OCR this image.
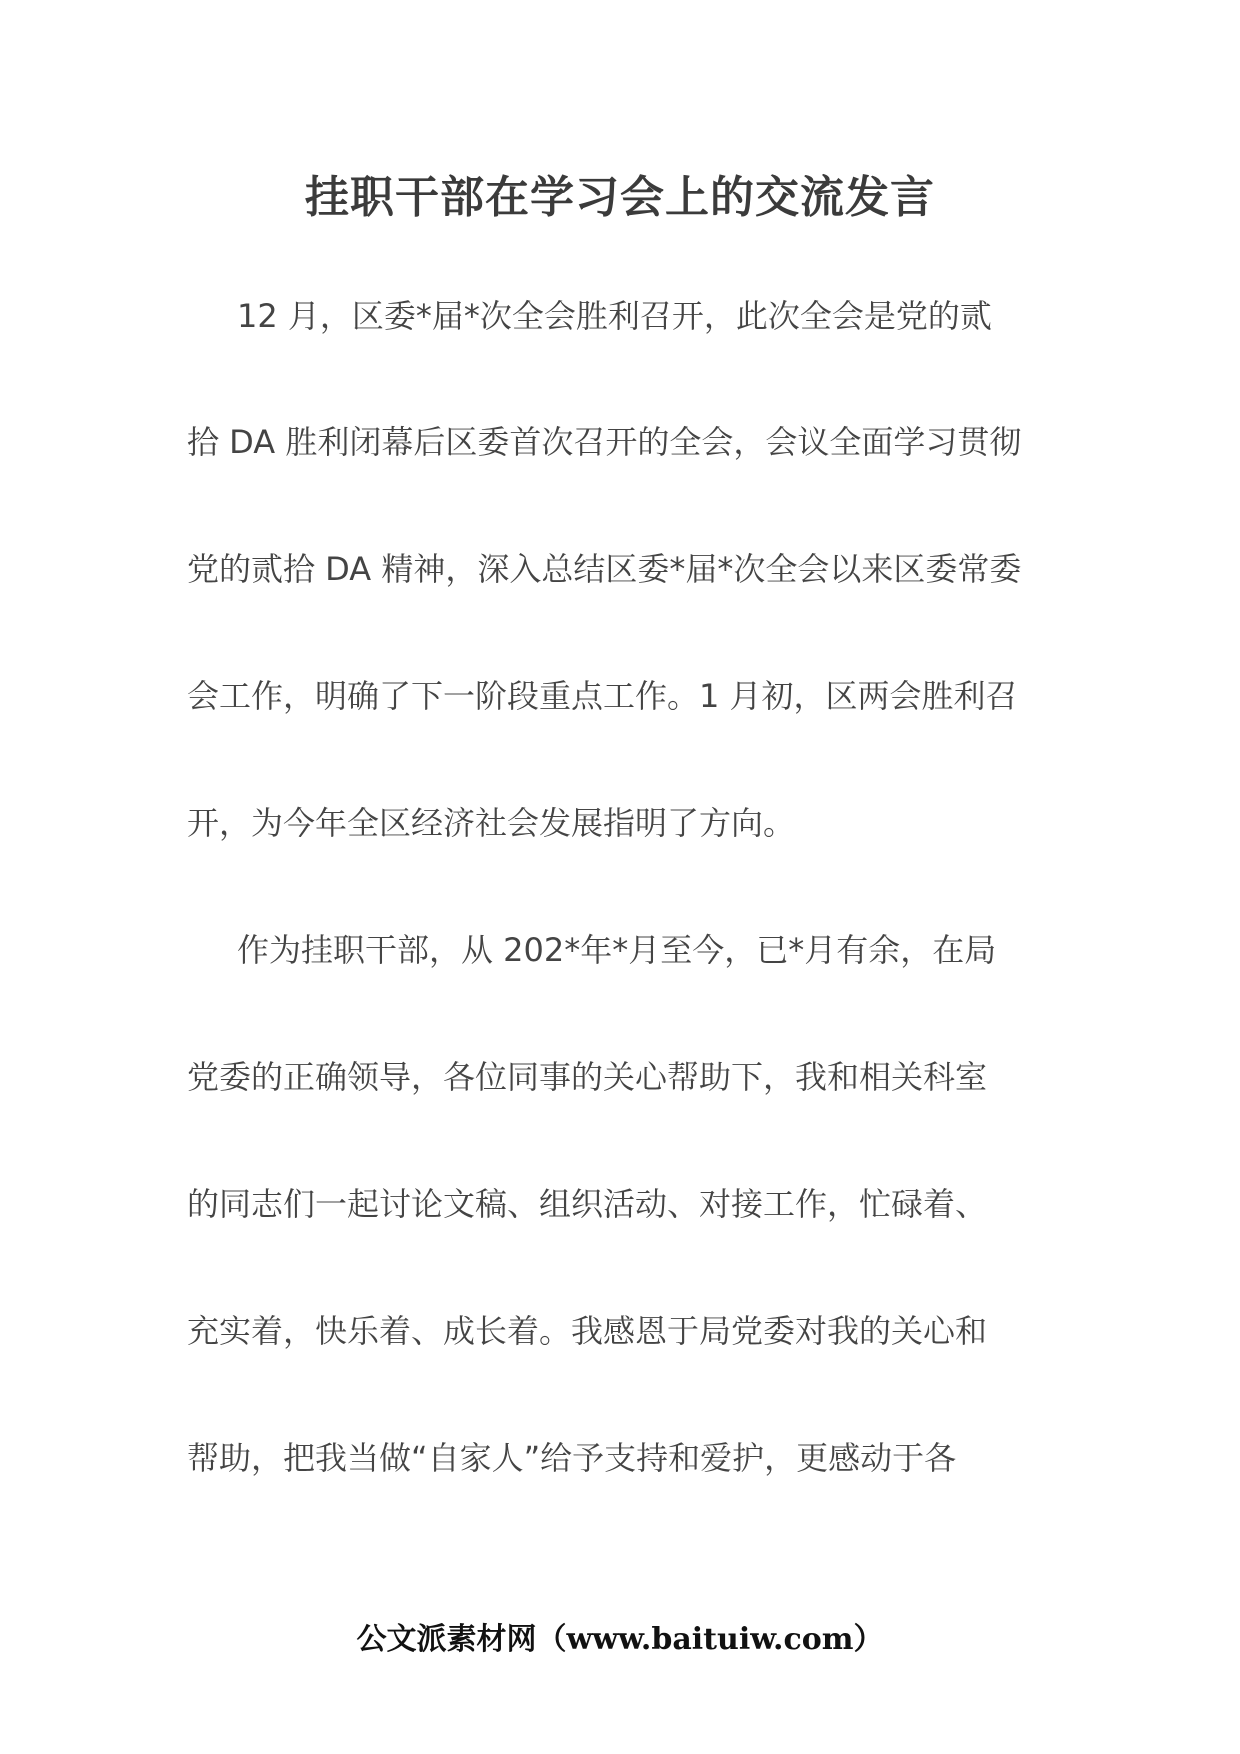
挂职干部在学习会上的交流发言
12 月，区委*届*次全会胜利召开，此次全会是党的贰
拾 DA 胜利闭幕后区委首次召开的全会，会议全面学习贯彻
党的贰拾 DA 精神，深入总结区委*届*次全会以来区委常委
会工作，明确了下一阶段重点工作。1 月初，区两会胜利召
开，为今年全区经济社会发展指明了方向。
作为挂职干部，从 202*年*月至今，已*月有余，在局
党委的正确领导，各位同事的关心帮助下，我和相关科室
的同志们一起讨论文稿、组织活动、对接工作，忙碌着、
充实着，快乐着、成长着。我感恩于局党委对我的关心和
帮助，把我当做“自家人”给予支持和爱护，更感动于各
公文派素材网（www.baituiw.com）
